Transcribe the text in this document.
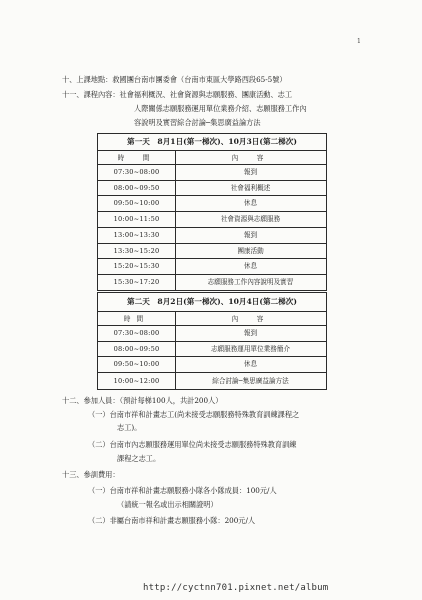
1
十、上課地點：救國團台南市團委會（台南市東區大學路西段65-5號）
十一、課程內容：社會福利概況、社會資源與志願服務、團康活動、志工
人際關係志願服務運用單位業務介紹、志願服務工作內
容說明及實習綜合討論─集思廣益論方法
第一天　8月1日(第一梯次)、10月3日(第二梯次)
時　間	內　容
07:30~08:00	報到
08:00~09:50	社會福利概述
09:50~10:00	休息
10:00~11:50	社會資源與志願服務
13:00~13:30	報到
13:30~15:20	團康活動
15:20~15:30	休息
15:30~17:20	志願服務工作內容說明及實習
第二天　8月2日(第一梯次)、10月4日(第二梯次)
時間	內　容
07:30~08:00	報到
08:00~09:50	志願服務運用單位業務簡介
09:50~10:00	休息
10:00~12:00	綜合討論─集思廣益論方法
十二、參加人員：（預計每梯100人，共計200人）
（一）台南市祥和計畫志工(尚未接受志願服務特殊教育訓練課程之
志工)。
（二）台南市內志願服務運用單位尚未接受志願服務特殊教育訓練
課程之志工。
十三、參訓費用：
（一）台南市祥和計畫志願服務小隊各小隊成員：100元/人
（請統一報名或出示相關證明）
（二）非屬台南市祥和計畫志願服務小隊：200元/人
http://cyctnn701.pixnet.net/album
